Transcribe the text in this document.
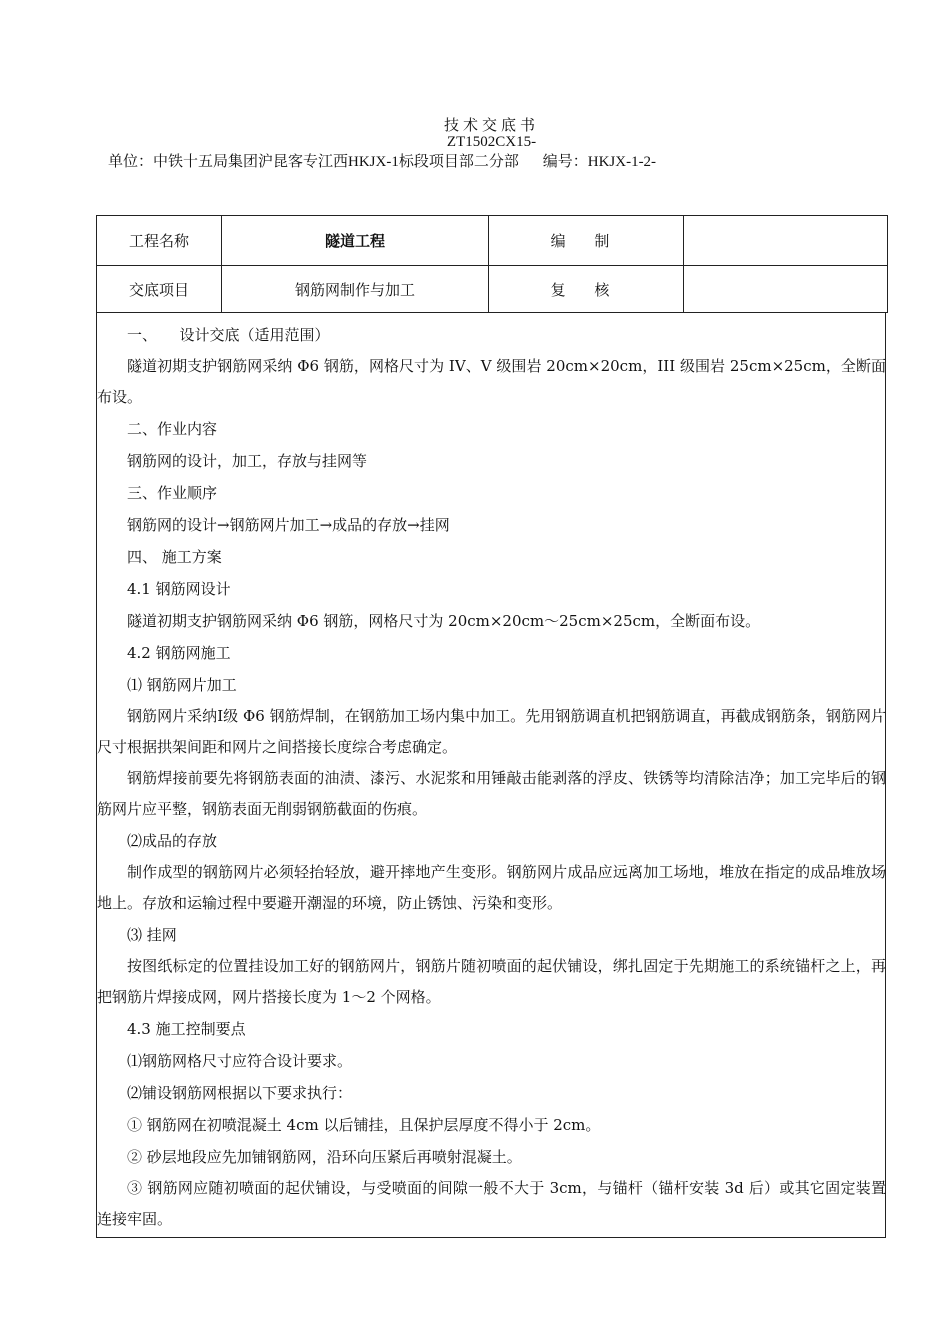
技术交底书
ZT1502CX15-
单位：中铁十五局集团沪昆客专江西HKJX-1标段项目部二分部 编号：HKJX-1-2-
工程名称	隧道工程	编 制	
交底项目	钢筋网制作与加工	复 核	

一、　　设计交底（适用范围）

隧道初期支护钢筋网采纳 Φ6 钢筋，网格尺寸为 IV、V 级围岩 20cm×20cm，III 级围岩 25cm×25cm，全断面布设。

二、作业内容

钢筋网的设计，加工，存放与挂网等

三、作业顺序

钢筋网的设计→钢筋网片加工→成品的存放→挂网

四、 施工方案

4.1 钢筋网设计

隧道初期支护钢筋网采纳 Φ6 钢筋，网格尺寸为 20cm×20cm～25cm×25cm，全断面布设。

4.2 钢筋网施工

⑴ 钢筋网片加工

钢筋网片采纳Ⅰ级 Φ6 钢筋焊制，在钢筋加工场内集中加工。先用钢筋调直机把钢筋调直，再截成钢筋条，钢筋网片尺寸根据拱架间距和网片之间搭接长度综合考虑确定。

钢筋焊接前要先将钢筋表面的油渍、漆污、水泥浆和用锤敲击能剥落的浮皮、铁锈等均清除洁净；加工完毕后的钢筋网片应平整，钢筋表面无削弱钢筋截面的伤痕。

⑵成品的存放

制作成型的钢筋网片必须轻抬轻放，避开摔地产生变形。钢筋网片成品应远离加工场地，堆放在指定的成品堆放场地上。存放和运输过程中要避开潮湿的环境，防止锈蚀、污染和变形。

⑶ 挂网

按图纸标定的位置挂设加工好的钢筋网片，钢筋片随初喷面的起伏铺设，绑扎固定于先期施工的系统锚杆之上，再把钢筋片焊接成网，网片搭接长度为 1～2 个网格。

4.3 施工控制要点

⑴钢筋网格尺寸应符合设计要求。

⑵铺设钢筋网根据以下要求执行：

① 钢筋网在初喷混凝土 4cm 以后铺挂，且保护层厚度不得小于 2cm。

② 砂层地段应先加铺钢筋网，沿环向压紧后再喷射混凝土。

③ 钢筋网应随初喷面的起伏铺设，与受喷面的间隙一般不大于 3cm，与锚杆（锚杆安装 3d 后）或其它固定装置连接牢固。
